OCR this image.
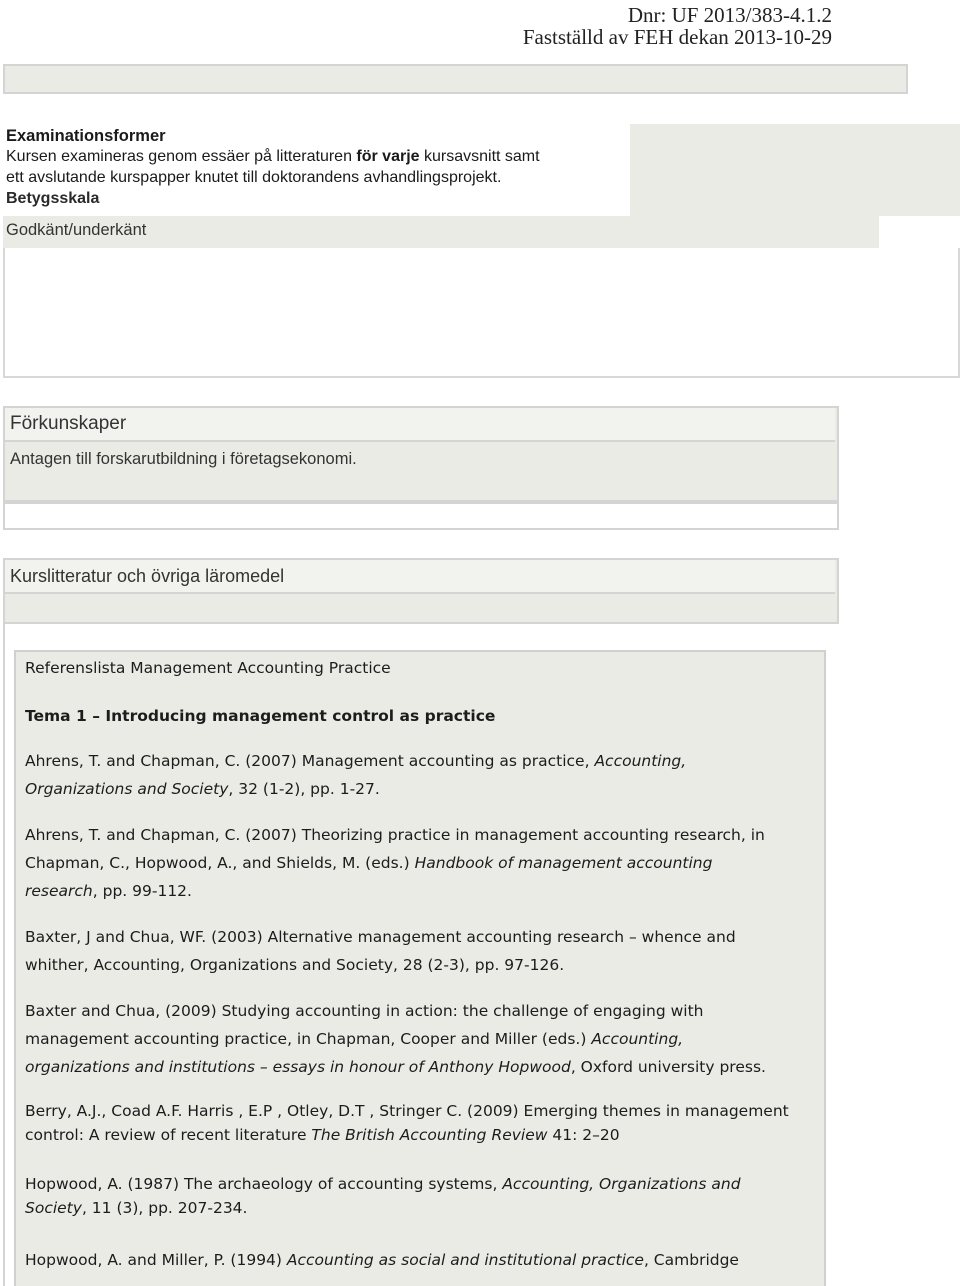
Dnr: UF 2013/383-4.1.2
Fastställd av FEH dekan 2013-10-29
Examinationsformer
Kursen examineras genom essäer på litteraturen för varje kursavsnitt samt
ett avslutande kurspapper knutet till doktorandens avhandlingsprojekt.
Betygsskala
Godkänt/underkänt
Förkunskaper
Antagen till forskarutbildning i företagsekonomi.
Kurslitteratur och övriga läromedel
Referenslista Management Accounting Practice
Tema 1 – Introducing management control as practice
Ahrens, T. and Chapman, C. (2007) Management accounting as practice, Accounting,
Organizations and Society, 32 (1-2), pp. 1-27.
Ahrens, T. and Chapman, C. (2007) Theorizing practice in management accounting research, in
Chapman, C., Hopwood, A., and Shields, M. (eds.) Handbook of management accounting
research, pp. 99-112.
Baxter, J and Chua, WF. (2003) Alternative management accounting research – whence and
whither, Accounting, Organizations and Society, 28 (2-3), pp. 97-126.
Baxter and Chua, (2009) Studying accounting in action: the challenge of engaging with
management accounting practice, in Chapman, Cooper and Miller (eds.) Accounting,
organizations and institutions – essays in honour of Anthony Hopwood, Oxford university press.
Berry, A.J., Coad A.F. Harris , E.P , Otley, D.T , Stringer C. (2009) Emerging themes in management
control: A review of recent literature The British Accounting Review 41: 2–20
Hopwood, A. (1987) The archaeology of accounting systems, Accounting, Organizations and
Society, 11 (3), pp. 207-234.
Hopwood, A. and Miller, P. (1994) Accounting as social and institutional practice, Cambridge
